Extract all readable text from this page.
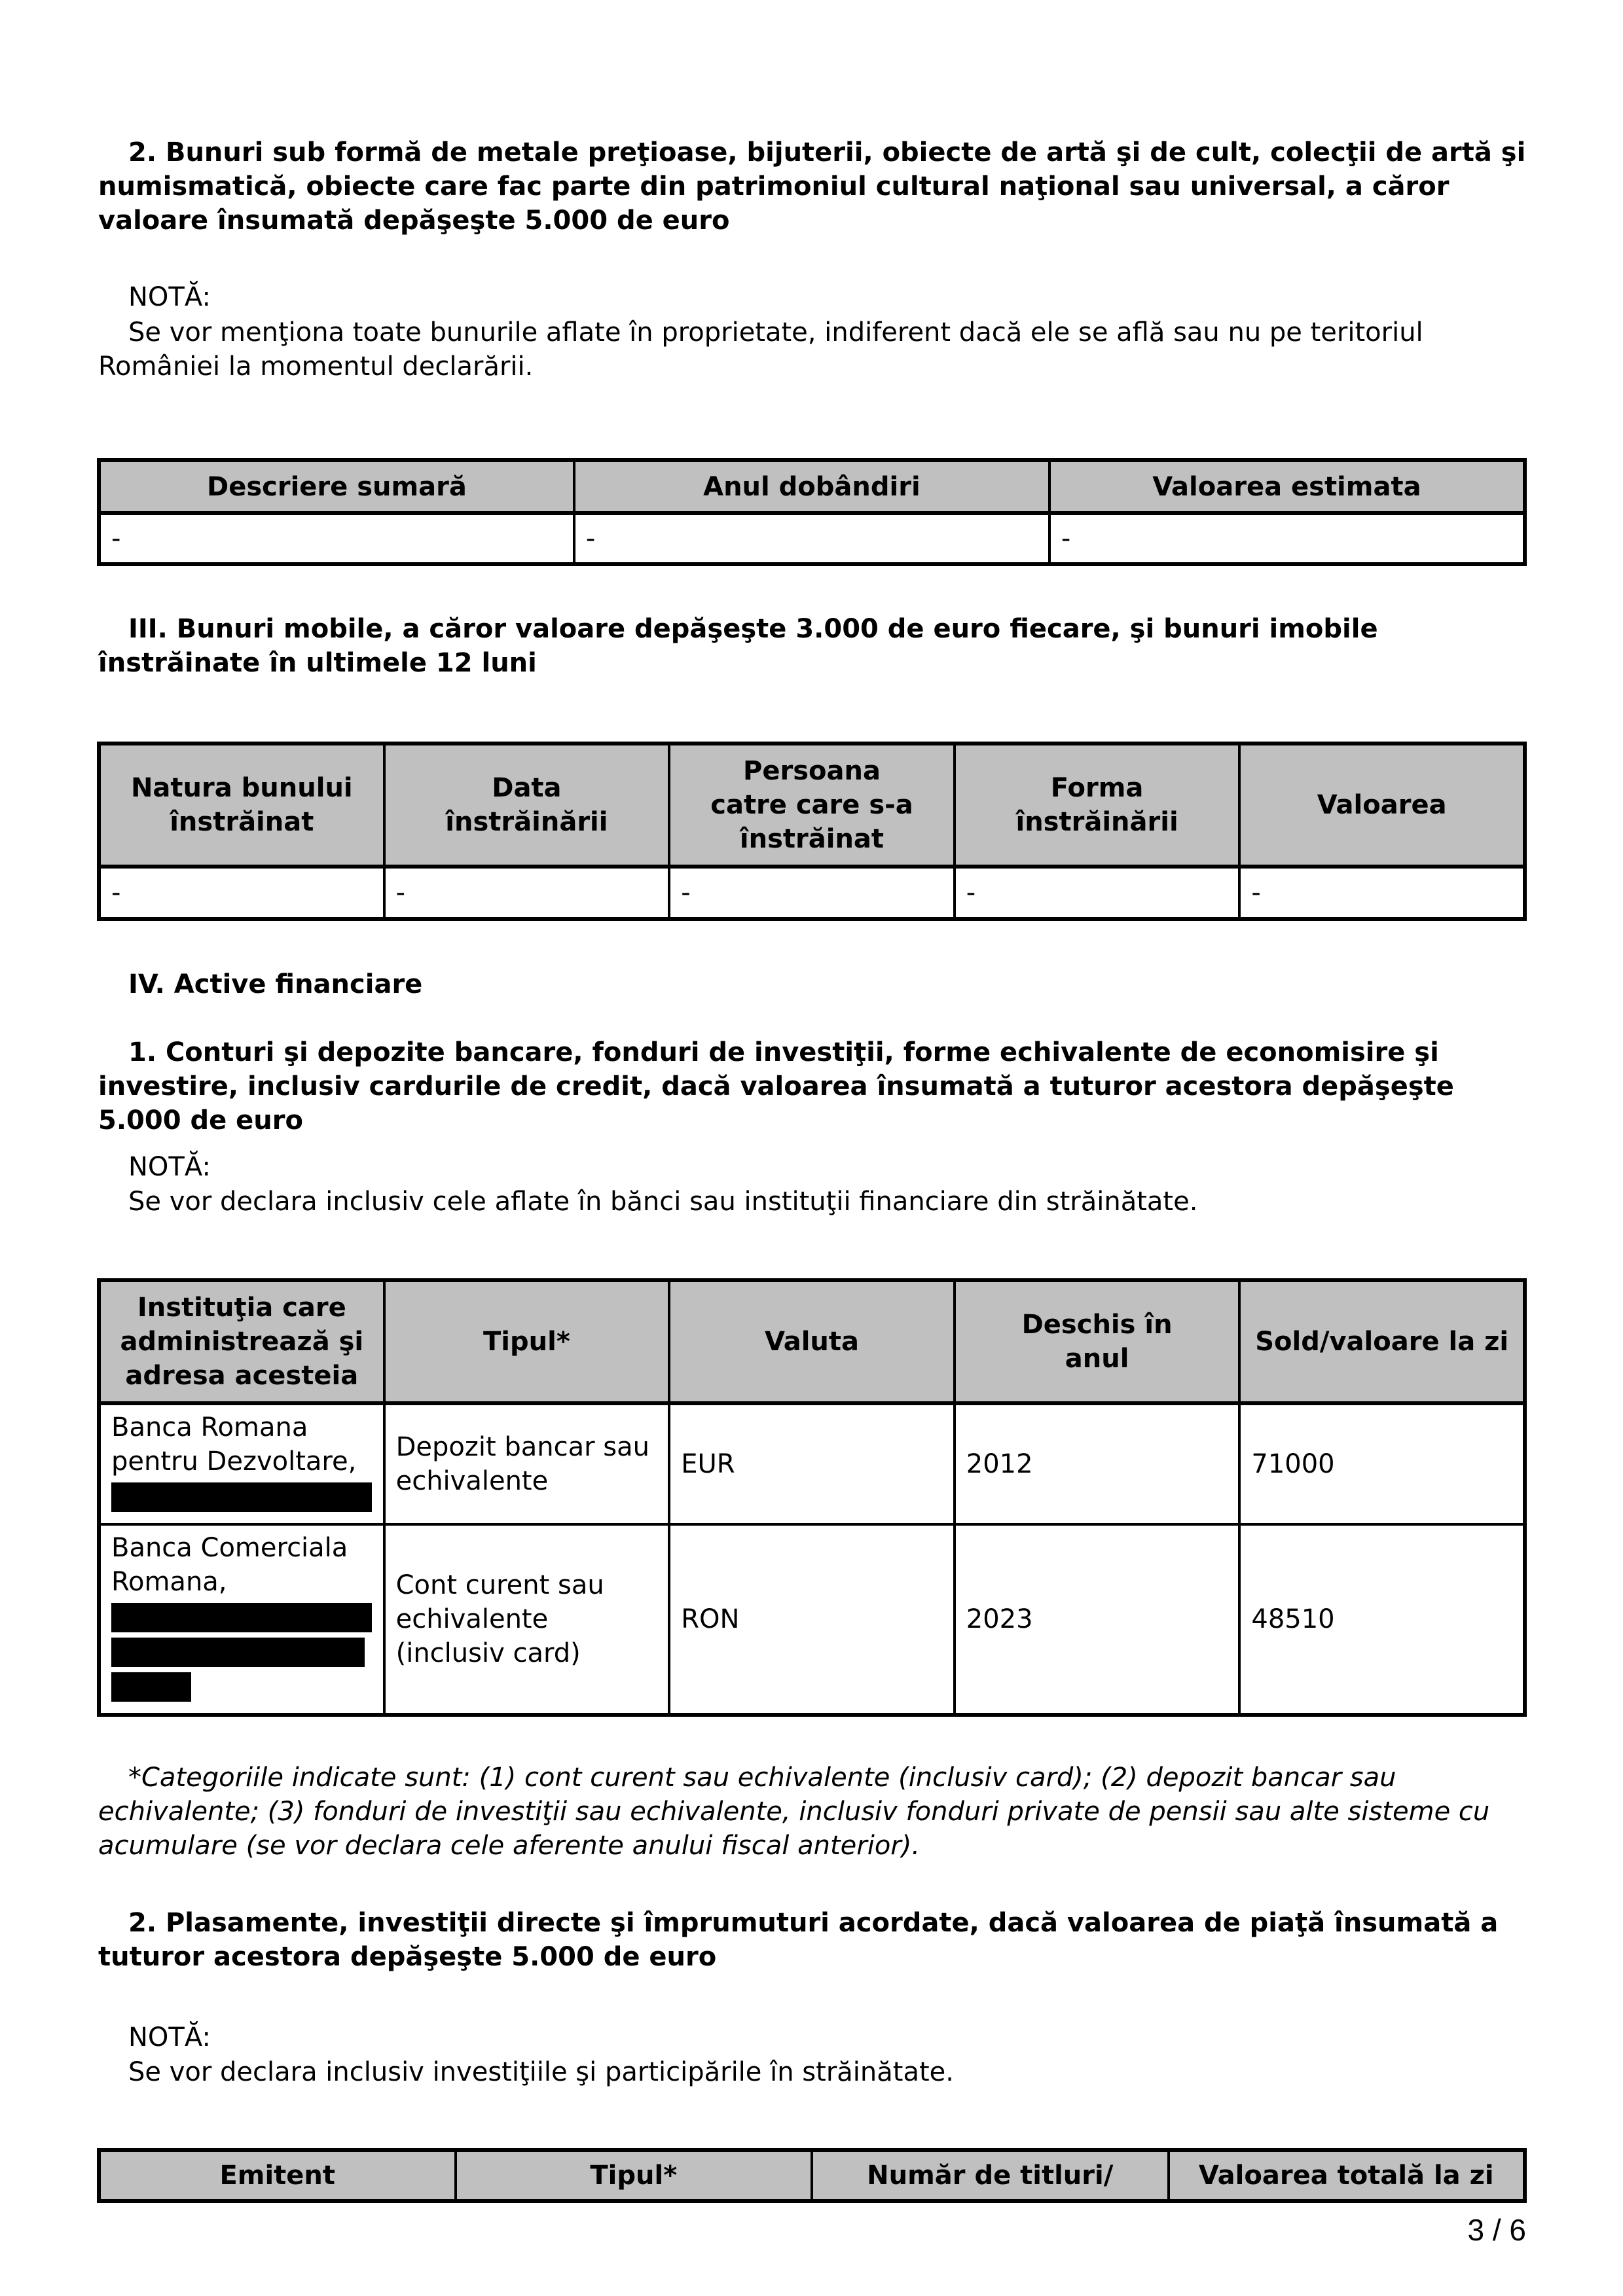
2. Bunuri sub formă de metale preţioase, bijuterii, obiecte de artă şi de cult, colecţii de artă şi numismatică, obiecte care fac parte din patrimoniul cultural naţional sau universal, a căror valoare însumată depăşeşte 5.000 de euro

NOTĂ:

Se vor menţiona toate bunurile aflate în proprietate, indiferent dacă ele se află sau nu pe teritoriul României la momentul declarării.

Descriere sumară	Anul dobândiri	Valoarea estimata
-	-	-

III. Bunuri mobile, a căror valoare depăşeşte 3.000 de euro fiecare, şi bunuri imobile înstrăinate în ultimele 12 luni

Natura bunului înstrăinat	Data înstrăinării	Persoana catre care s-a înstrăinat	Forma înstrăinării	Valoarea
-	-	-	-	-

IV. Active financiare

1. Conturi şi depozite bancare, fonduri de investiţii, forme echivalente de economisire şi investire, inclusiv cardurile de credit, dacă valoarea însumată a tuturor acestora depăşeşte 5.000 de euro

NOTĂ:

Se vor declara inclusiv cele aflate în bănci sau instituţii financiare din străinătate.

Instituţia care administrează şi adresa acesteia	Tipul*	Valuta	Deschis în anul	Sold/valoare la zi
Banca Romana pentru Dezvoltare,	Depozit bancar sau echivalente	EUR	2012	71000
Banca Comerciala Romana,	Cont curent sau echivalente (inclusiv card)	RON	2023	48510

*Categoriile indicate sunt: (1) cont curent sau echivalente (inclusiv card); (2) depozit bancar sau echivalente; (3) fonduri de investiţii sau echivalente, inclusiv fonduri private de pensii sau alte sisteme cu acumulare (se vor declara cele aferente anului fiscal anterior).

2. Plasamente, investiţii directe şi împrumuturi acordate, dacă valoarea de piaţă însumată a tuturor acestora depăşeşte 5.000 de euro

NOTĂ:

Se vor declara inclusiv investiţiile şi participările în străinătate.

Emitent	Tipul*	Număr de titluri/	Valoarea totală la zi
3 / 6
